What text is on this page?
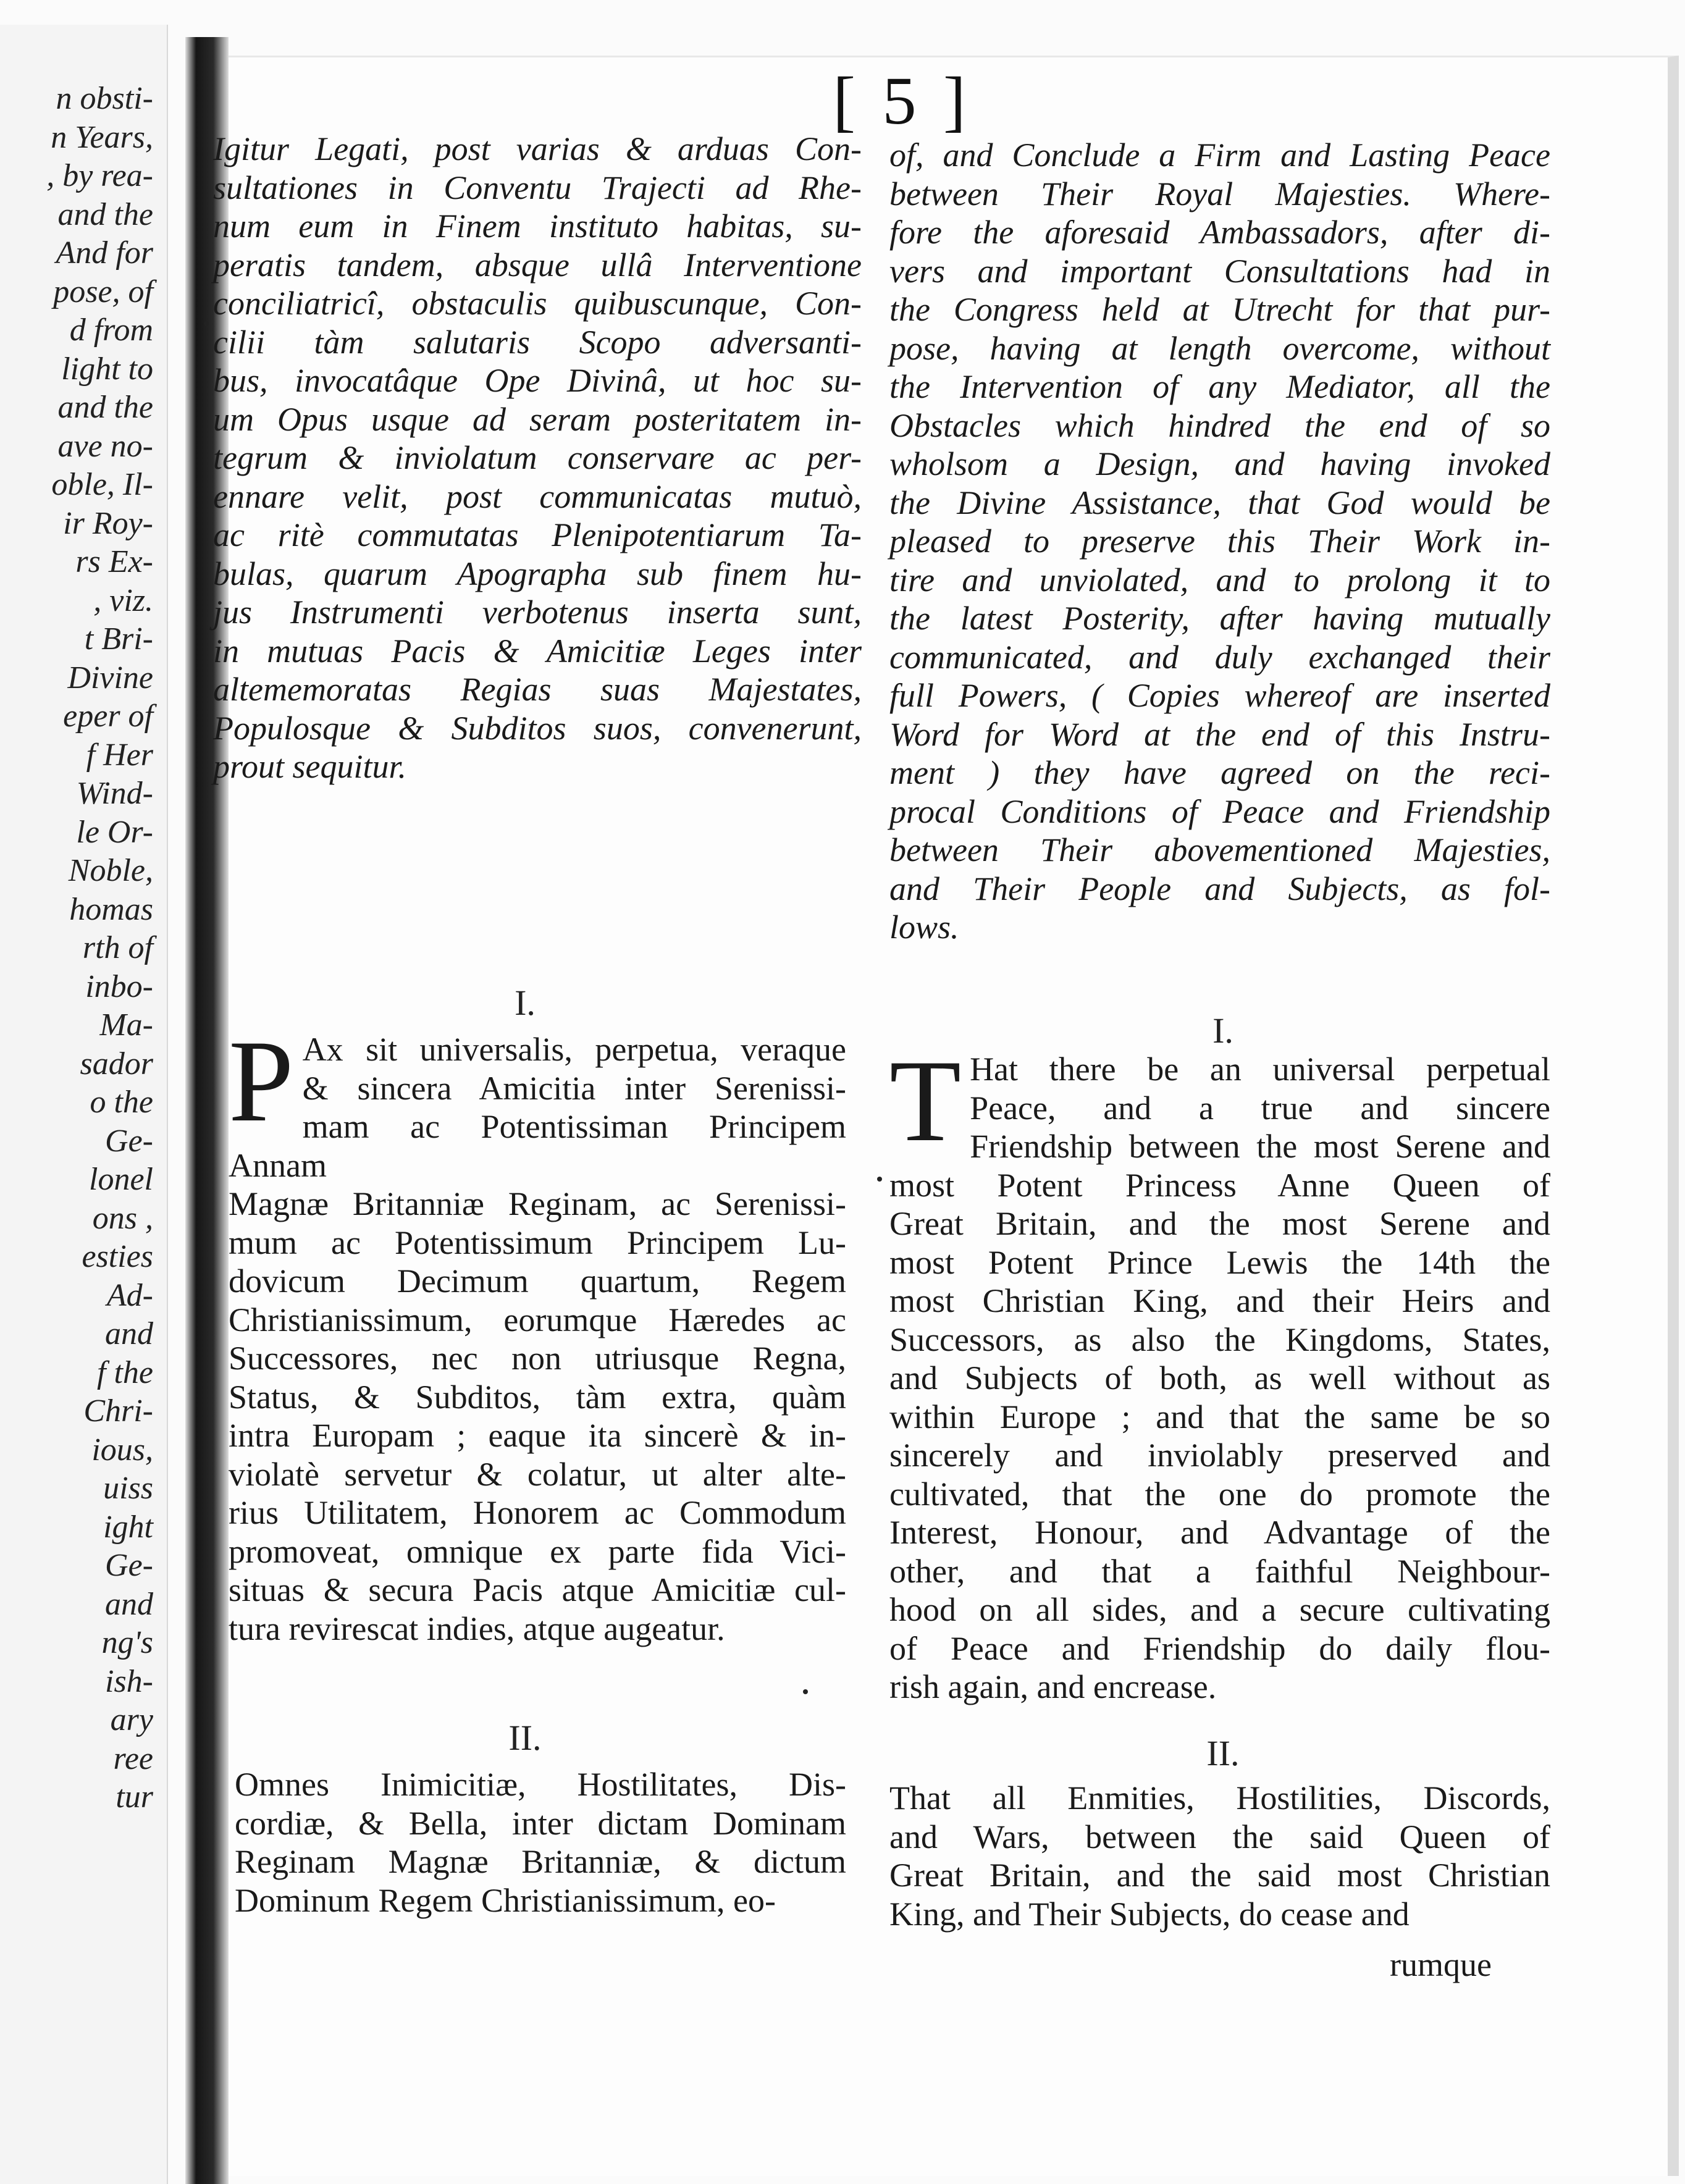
n obsti-
n Years,
, by rea-
and the
And for
pose, of
d from
light to
and the
ave no-
oble, Il-
ir Roy-
rs Ex-
, viz.
t Bri-
Divine
eper of
f Her
Wind-
le Or-
Noble,
homas
rth of
inbo-
Ma-
sador
o the
Ge-
lonel
ons ,
esties
Ad-
and
f the
Chri-
ious,
uiss
ight
Ge-
and
ng's
ish-
ary
ree
tur
[ 5 ]
Igitur Legati, post varias & arduas Con-
sultationes in Conventu Trajecti ad Rhe-
num eum in Finem instituto habitas, su-
peratis tandem, absque ullâ Interventione
conciliatricî, obstaculis quibuscunque, Con-
cilii tàm salutaris Scopo adversanti-
bus, invocatâque Ope Divinâ, ut hoc su-
um Opus usque ad seram posteritatem in-
tegrum & inviolatum conservare ac per-
ennare velit, post communicatas mutuò,
ac ritè commutatas Plenipotentiarum Ta-
bulas, quarum Apographa sub finem hu-
jus Instrumenti verbotenus inserta sunt,
in mutuas Pacis & Amicitiæ Leges inter
altememoratas Regias suas Majestates,
Populosque & Subditos suos, convenerunt,
prout sequitur.
of, and Conclude a Firm and Lasting Peace
between Their Royal Majesties. Where-
fore the aforesaid Ambassadors, after di-
vers and important Consultations had in
the Congress held at Utrecht for that pur-
pose, having at length overcome, without
the Intervention of any Mediator, all the
Obstacles which hindred the end of so
wholsom a Design, and having invoked
the Divine Assistance, that God would be
pleased to preserve this Their Work in-
tire and unviolated, and to prolong it to
the latest Posterity, after having mutually
communicated, and duly exchanged their
full Powers, ( Copies whereof are inserted
Word for Word at the end of this Instru-
ment ) they have agreed on the reci-
procal Conditions of Peace and Friendship
between Their abovementioned Majesties,
and Their People and Subjects, as fol-
lows.
I.
I.
P Ax sit universalis, perpetua, veraque
& sincera Amicitia inter Serenissi-
mam ac Potentissiman Principem Annam
Magnæ Britanniæ Reginam, ac Serenissi-
mum ac Potentissimum Principem Lu-
dovicum Decimum quartum, Regem
Christianissimum, eorumque Hæredes ac
Successores, nec non utriusque Regna,
Status, & Subditos, tàm extra, quàm
intra Europam ; eaque ita sincerè & in-
violatè servetur & colatur, ut alter alte-
rius Utilitatem, Honorem ac Commodum
promoveat, omnique ex parte fida Vici-
situas & secura Pacis atque Amicitiæ cul-
tura revirescat indies, atque augeatur.
T Hat there be an universal perpetual
Peace, and a true and sincere
Friendship between the most Serene and
most Potent Princess Anne Queen of
Great Britain, and the most Serene and
most Potent Prince Lewis the 14th the
most Christian King, and their Heirs and
Successors, as also the Kingdoms, States,
and Subjects of both, as well without as
within Europe ; and that the same be so
sincerely and inviolably preserved and
cultivated, that the one do promote the
Interest, Honour, and Advantage of the
other, and that a faithful Neighbour-
hood on all sides, and a secure cultivating
of Peace and Friendship do daily flou-
rish again, and encrease.
II.	II.
Omnes Inimicitiæ, Hostilitates, Dis-
cordiæ, & Bella, inter dictam Dominam
Reginam Magnæ Britanniæ, & dictum
Dominum Regem Christianissimum, eo-
That all Enmities, Hostilities, Discords,
and Wars, between the said Queen of
Great Britain, and the said most Christian
King, and Their Subjects, do cease and
rumque
